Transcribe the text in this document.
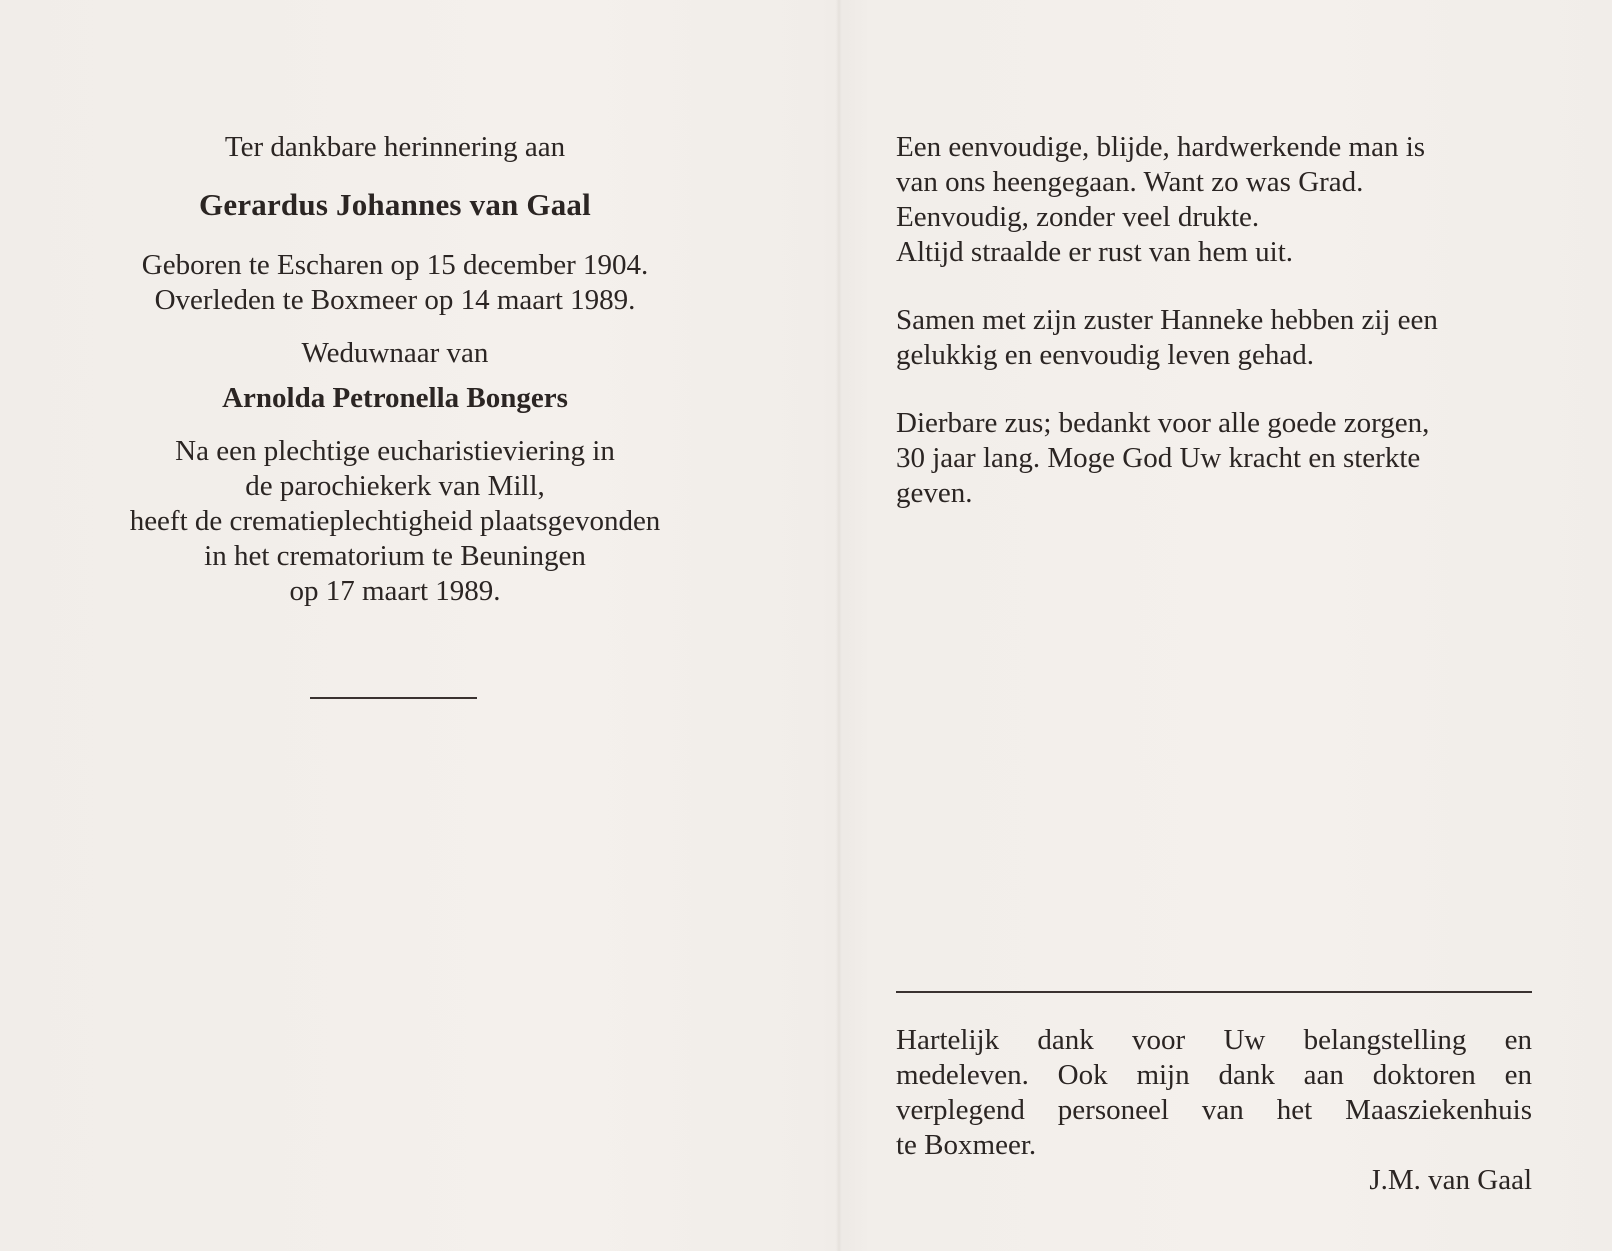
Ter dankbare herinnering aan
Gerardus Johannes van Gaal
Geboren te Escharen op 15 december 1904.
Overleden te Boxmeer op 14 maart 1989.
Weduwnaar van
Arnolda Petronella Bongers
Na een plechtige eucharistieviering in
de parochiekerk van Mill,
heeft de crematieplechtigheid plaatsgevonden
in het crematorium te Beuningen
op 17 maart 1989.

Een eenvoudige, blijde, hardwerkende man is
van ons heengegaan. Want zo was Grad.
Eenvoudig, zonder veel drukte.
Altijd straalde er rust van hem uit.

Samen met zijn zuster Hanneke hebben zij een
gelukkig en eenvoudig leven gehad.

Dierbare zus; bedankt voor alle goede zorgen,
30 jaar lang. Moge God Uw kracht en sterkte
geven.

Hartelijk dank voor Uw belangstelling en
medeleven. Ook mijn dank aan doktoren en
verplegend personeel van het Maasziekenhuis
te Boxmeer.
J.M. van Gaal
